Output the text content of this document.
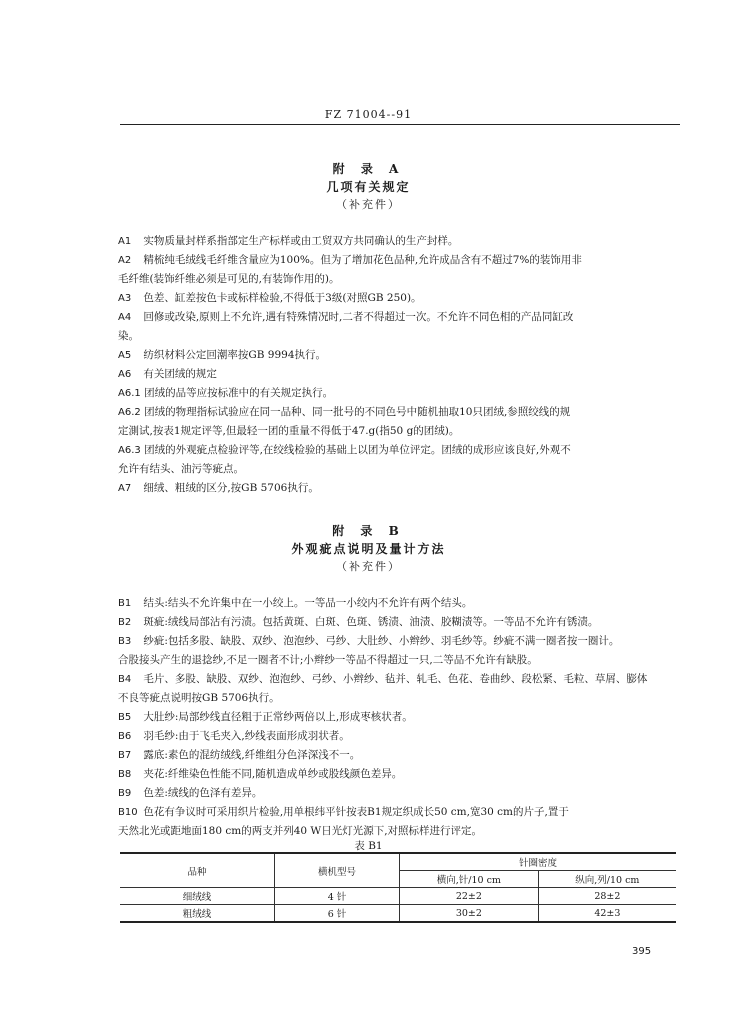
FZ 71004--91
附 录 A
几项有关规定
（补充件）

A1 实物质量封样系指部定生产标样或由工贸双方共同确认的生产封样。

A2 精梳纯毛绒线毛纤维含量应为100%。但为了增加花色品种,允许成品含有不超过7%的装饰用非
毛纤维(装饰纤维必须是可见的,有装饰作用的)。

A3 色差、缸差按色卡或标样检验,不得低于3级(对照GB 250)。

A4 回修或改染,原则上不允许,遇有特殊情况时,二者不得超过一次。不允许不同色相的产品同缸改
染。

A5 纺织材料公定回潮率按GB 9994执行。

A6 有关团绒的规定

A6.1 团绒的品等应按标准中的有关规定执行。

A6.2 团绒的物理指标试验应在同一品种、同一批号的不同色号中随机抽取10只团绒,参照绞线的规
定測试,按表1规定评等,但最轻一团的重量不得低于47.g(指50 g的团绒)。

A6.3 团绒的外观疵点检验评等,在绞线检验的基础上以团为单位评定。团绒的成形应该良好,外观不
允许有结头、油污等疵点。

A7 细绒、粗绒的区分,按GB 5706执行。

附 录 B
外观疵点说明及量计方法
（补充件）

B1 结头:结头不允许集中在一小绞上。一等品一小绞内不允许有两个结头。

B2 斑疵:绒线局部沾有污渍。包括黄斑、白斑、色斑、锈渍、油渍、胶糊渍等。一等品不允许有锈渍。

B3 纱疵:包括多股、缺股、双纱、泡泡纱、弓纱、大肚纱、小辫纱、羽毛纱等。纱疵不满一圈者按一圈计。
合股接头产生的退捻纱,不足一圈者不计;小辫纱一等品不得超过一只,二等品不允许有缺股。

B4 毛片、多股、缺股、双纱、泡泡纱、弓纱、小辫纱、毡并、轧毛、色花、卷曲纱、段松紧、毛粒、草屑、膨体
不良等疵点说明按GB 5706执行。

B5 大肚纱:局部纱线直径粗于正常纱两倍以上,形成枣核状者。

B6 羽毛纱:由于飞毛夹入,纱线表面形成羽状者。

B7 露底:素色的混纺绒线,纤维组分色泽深浅不一。

B8 夹花:纤维染色性能不同,随机造成单纱或股线颜色差异。

B9 色差:绒线的色泽有差异。

B10 色花有争议时可采用织片检验,用单根纬平针按表B1规定织成长50 cm,宽30 cm的片子,置于
天然北光或距地面180 cm的两支并列40 W日光灯光源下,对照标样进行评定。

表 B1
品种	横机型号	针圈密度	
		横向,针/10 cm	纵向,列/10 cm
细绒线	4 针	22±2	28±2
粗绒线	6 针	30±2	42±3
395
